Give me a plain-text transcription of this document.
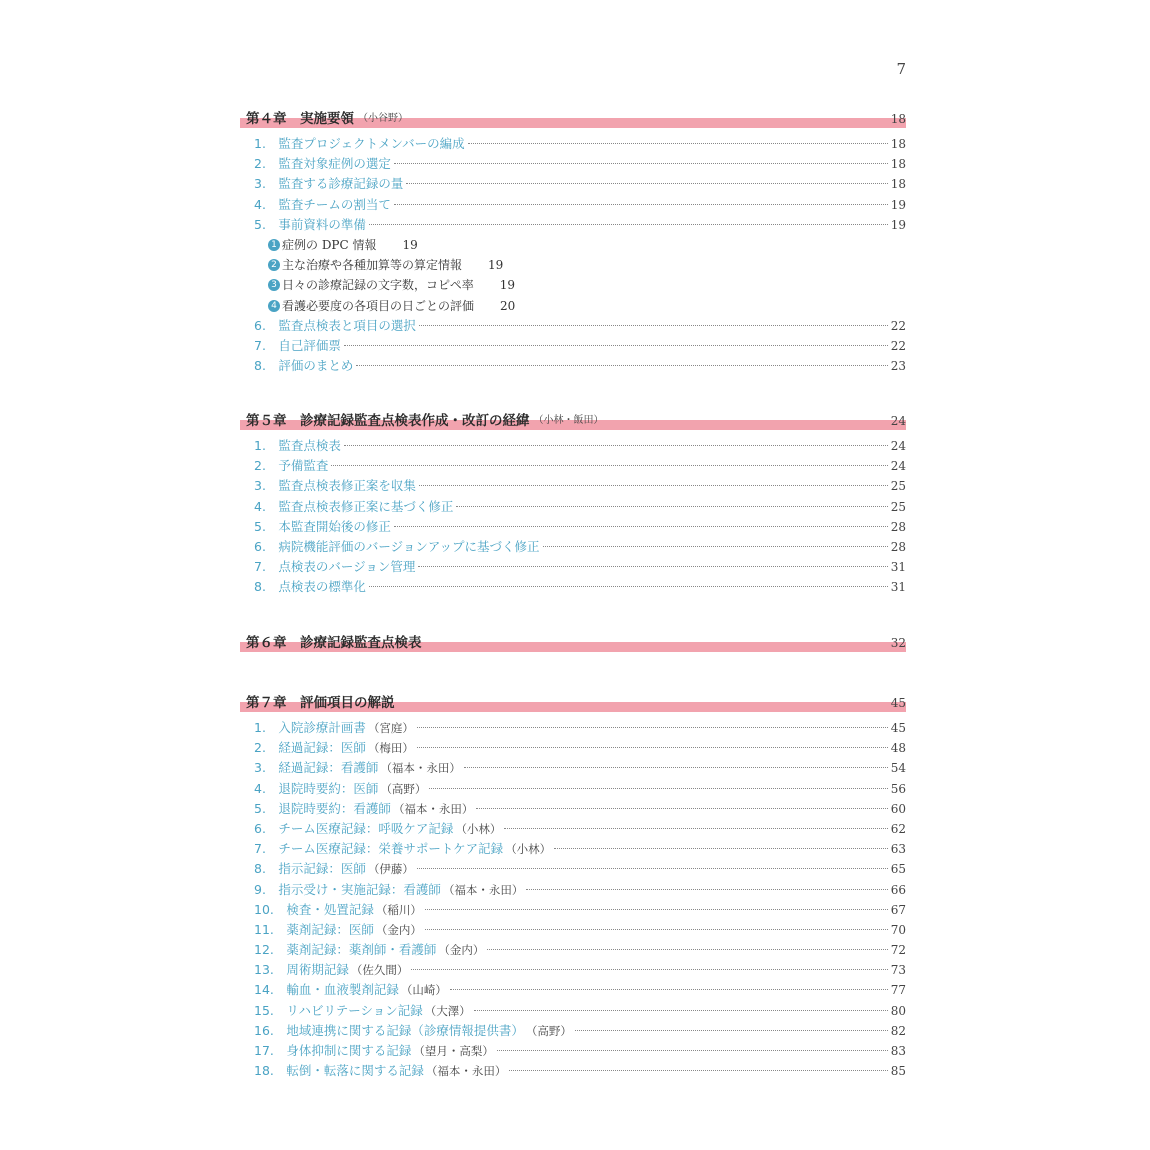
7
第４章　実施要領 （小谷野）	18
1.　監査プロジェクトメンバーの編成	18
2.　監査対象症例の選定	18
3.　監査する診療記録の量	18
4.　監査チームの割当て	19
5.　事前資料の準備	19
1 症例の DPC 情報 19
2 主な治療や各種加算等の算定情報 19
3 日々の診療記録の文字数，コピペ率 19
4 看護必要度の各項目の日ごとの評価 20
6.　監査点検表と項目の選択	22
7.　自己評価票	22
8.　評価のまとめ	23
第５章　診療記録監査点検表作成・改訂の経緯 （小林・飯田）	24
1.　監査点検表	24
2.　予備監査	24
3.　監査点検表修正案を収集	25
4.　監査点検表修正案に基づく修正	25
5.　本監査開始後の修正	28
6.　病院機能評価のバージョンアップに基づく修正	28
7.　点検表のバージョン管理	31
8.　点検表の標準化	31
第６章　診療記録監査点検表	32
第７章　評価項目の解説	45
1.　入院診療計画書 （宮庭）	45
2.　経過記録：医師 （梅田）	48
3.　経過記録：看護師 （福本・永田）	54
4.　退院時要約：医師 （高野）	56
5.　退院時要約：看護師 （福本・永田）	60
6.　チーム医療記録：呼吸ケア記録 （小林）	62
7.　チーム医療記録：栄養サポートケア記録 （小林）	63
8.　指示記録：医師 （伊藤）	65
9.　指示受け・実施記録：看護師 （福本・永田）	66
10.　検査・処置記録 （稲川）	67
11.　薬剤記録：医師 （金内）	70
12.　薬剤記録：薬剤師・看護師 （金内）	72
13.　周術期記録 （佐久間）	73
14.　輸血・血液製剤記録 （山崎）	77
15.　リハビリテーション記録 （大澤）	80
16.　地域連携に関する記録（診療情報提供書） （高野）	82
17.　身体抑制に関する記録 （望月・高梨）	83
18.　転倒・転落に関する記録 （福本・永田）	85
